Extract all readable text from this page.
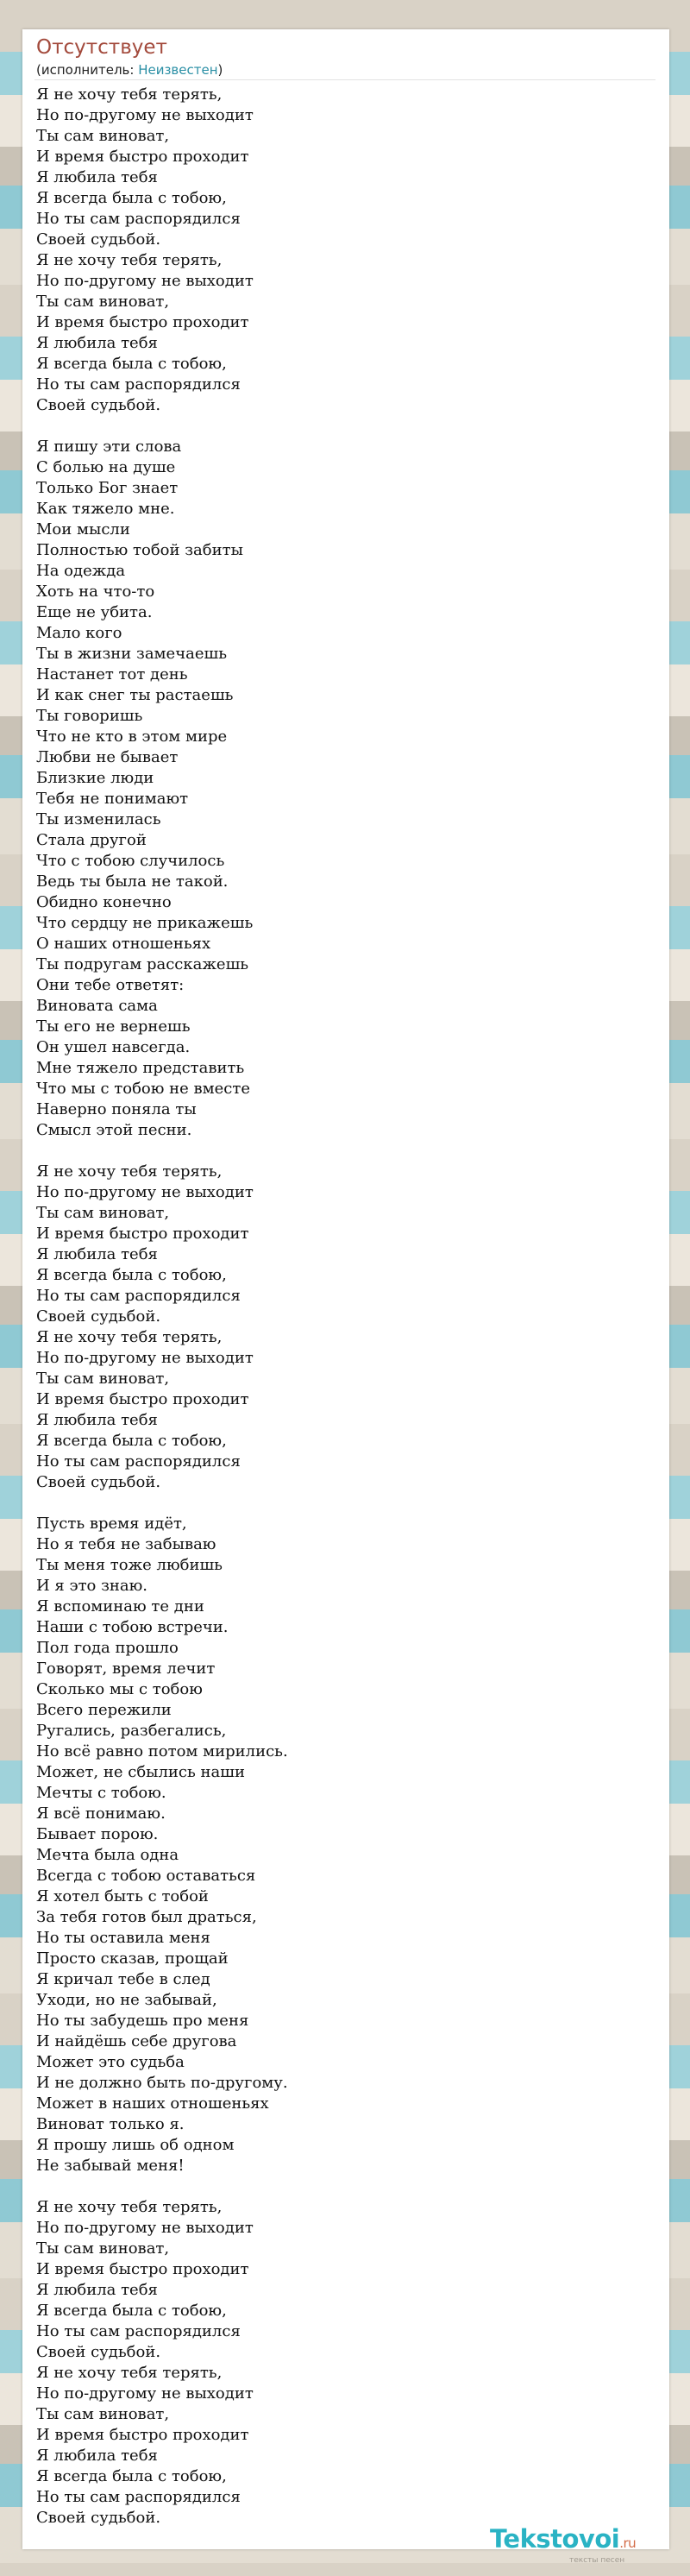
Отсутствует
(исполнитель: Неизвестен)
Я не хочу тебя терять,
Но по-другому не выходит
Ты сам виноват,
И время быстро проходит
Я любила тебя
Я всегда была с тобою,
Но ты сам распорядился
Своей судьбой.
Я не хочу тебя терять,
Но по-другому не выходит
Ты сам виноват,
И время быстро проходит
Я любила тебя
Я всегда была с тобою,
Но ты сам распорядился
Своей судьбой.
Я пишу эти слова
С болью на душе
Только Бог знает
Как тяжело мне.
Мои мысли
Полностью тобой забиты
На одежда
Хоть на что-то
Еще не убита.
Мало кого
Ты в жизни замечаешь
Настанет тот день
И как снег ты растаешь
Ты говоришь
Что не кто в этом мире
Любви не бывает
Близкие люди
Тебя не понимают
Ты изменилась
Стала другой
Что с тобою случилось
Ведь ты была не такой.
Обидно конечно
Что сердцу не прикажешь
О наших отношеньях
Ты подругам расскажешь
Они тебе ответят:
Виновата сама
Ты его не вернешь
Он ушел навсегда.
Мне тяжело представить
Что мы с тобою не вместе
Наверно поняла ты
Смысл этой песни.
Я не хочу тебя терять,
Но по-другому не выходит
Ты сам виноват,
И время быстро проходит
Я любила тебя
Я всегда была с тобою,
Но ты сам распорядился
Своей судьбой.
Я не хочу тебя терять,
Но по-другому не выходит
Ты сам виноват,
И время быстро проходит
Я любила тебя
Я всегда была с тобою,
Но ты сам распорядился
Своей судьбой.
Пусть время идёт,
Но я тебя не забываю
Ты меня тоже любишь
И я это знаю.
Я вспоминаю те дни
Наши с тобою встречи.
Пол года прошло
Говорят, время лечит
Сколько мы с тобою
Всего пережили
Ругались, разбегались,
Но всё равно потом мирились.
Может, не сбылись наши
Мечты с тобою.
Я всё понимаю.
Бывает порою.
Мечта была одна
Всегда с тобою оставаться
Я хотел быть с тобой
За тебя готов был драться,
Но ты оставила меня
Просто сказав, прощай
Я кричал тебе в след
Уходи, но не забывай,
Но ты забудешь про меня
И найдёшь себе другова
Может это судьба
И не должно быть по-другому.
Может в наших отношеньях
Виноват только я.
Я прошу лишь об одном
Не забывай меня!
Я не хочу тебя терять,
Но по-другому не выходит
Ты сам виноват,
И время быстро проходит
Я любила тебя
Я всегда была с тобою,
Но ты сам распорядился
Своей судьбой.
Я не хочу тебя терять,
Но по-другому не выходит
Ты сам виноват,
И время быстро проходит
Я любила тебя
Я всегда была с тобою,
Но ты сам распорядился
Своей судьбой.
Tekstovoi.ru
тексты песен
